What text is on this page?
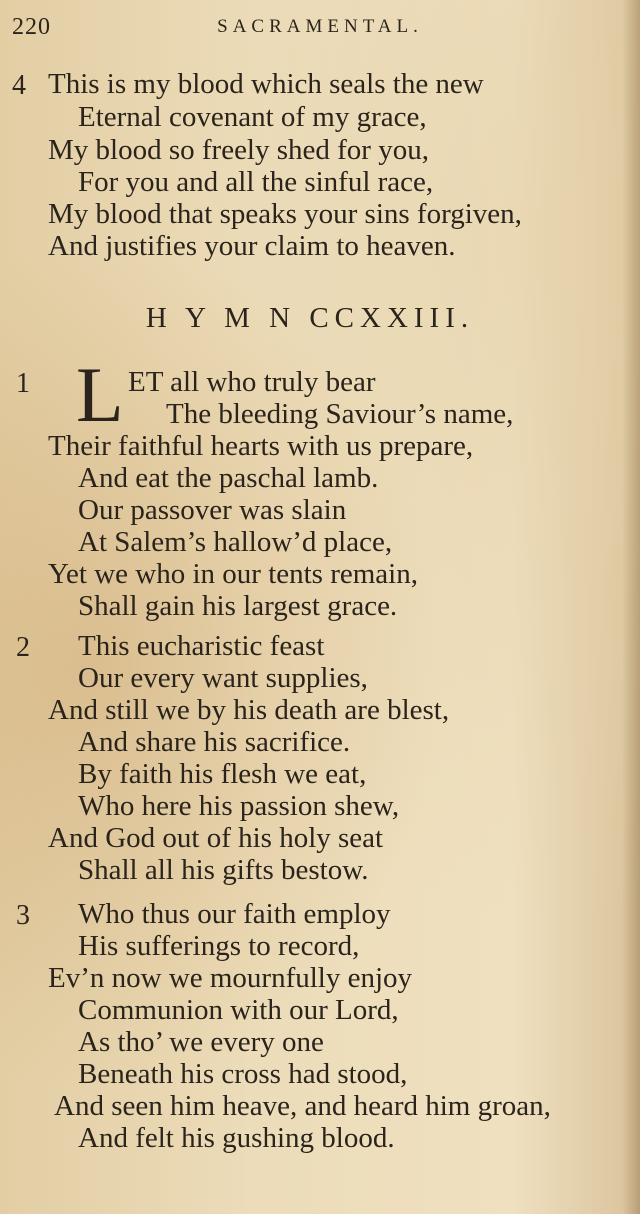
220	SACRAMENTAL.
4 This is my blood which seals the new
Eternal covenant of my grace,
My blood so freely shed for you,
For you and all the sinful race,
My blood that speaks your sins forgiven,
And justifies your claim to heaven.
H Y M N CCXXIII.
1 L ET all who truly bear
The bleeding Saviour’s name,
Their faithful hearts with us prepare,
And eat the paschal lamb.
Our passover was slain
At Salem’s hallow’d place,
Yet we who in our tents remain,
Shall gain his largest grace.
2 This eucharistic feast
Our every want supplies,
And still we by his death are blest,
And share his sacrifice.
By faith his flesh we eat,
Who here his passion shew,
And God out of his holy seat
Shall all his gifts bestow.
3 Who thus our faith employ
His sufferings to record,
Ev’n now we mournfully enjoy
Communion with our Lord,
As tho’ we every one
Beneath his cross had stood,
And seen him heave, and heard him groan,
And felt his gushing blood.
